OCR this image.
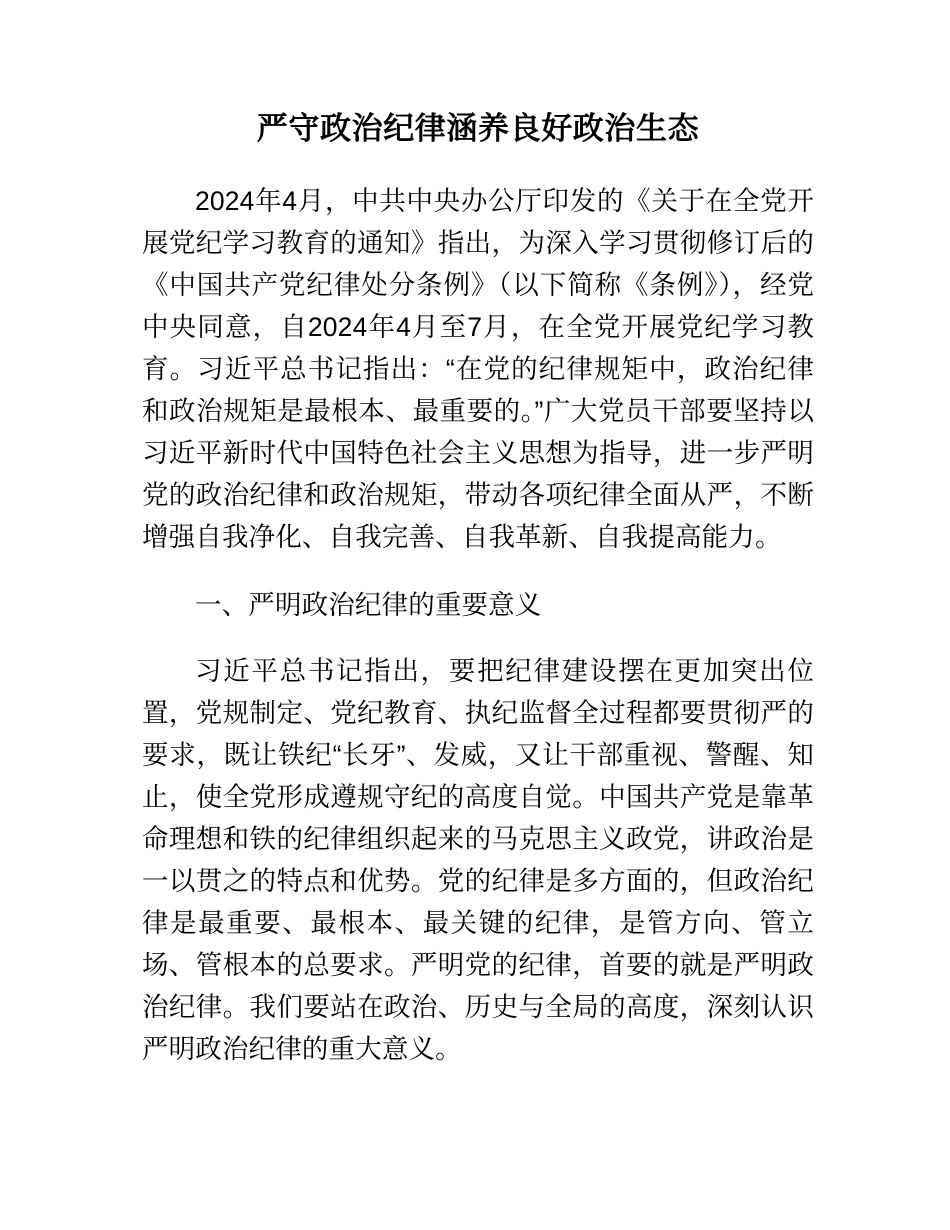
严守政治纪律涵养良好政治生态

2024年4月，中共中央办公厅印发的《关于在全党开展党纪学习教育的通知》指出，为深入学习贯彻修订后的《中国共产党纪律处分条例》（以下简称《条例》），经党中央同意，自2024年4月至7月，在全党开展党纪学习教育。习近平总书记指出：“在党的纪律规矩中，政治纪律和政治规矩是最根本、最重要的。”广大党员干部要坚持以习近平新时代中国特色社会主义思想为指导，进一步严明党的政治纪律和政治规矩，带动各项纪律全面从严，不断增强自我净化、自我完善、自我革新、自我提高能力。

一、严明政治纪律的重要意义

习近平总书记指出，要把纪律建设摆在更加突出位置，党规制定、党纪教育、执纪监督全过程都要贯彻严的要求，既让铁纪“长牙”、发威，又让干部重视、警醒、知止，使全党形成遵规守纪的高度自觉。中国共产党是靠革命理想和铁的纪律组织起来的马克思主义政党，讲政治是一以贯之的特点和优势。党的纪律是多方面的，但政治纪律是最重要、最根本、最关键的纪律，是管方向、管立场、管根本的总要求。严明党的纪律，首要的就是严明政治纪律。我们要站在政治、历史与全局的高度，深刻认识严明政治纪律的重大意义。
